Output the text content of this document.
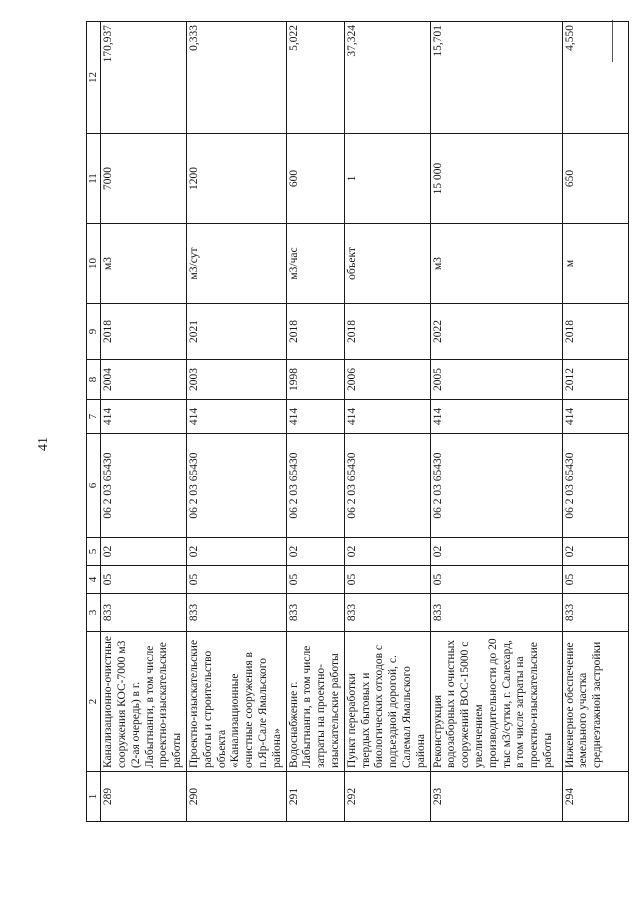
41
1	2	3	4	5	6	7	8	9	10	11	12
289	Канализационно-очистные сооружения КОС-7000 м3 (2-ая очередь) в г. Лабытнанги, в том числе проектно-изыскательские работы	833	05	02	06 2 03 65430	414	2004	2018	м3	7000	170,937
290	Проектно-изыскательские работы и строительство объекта «Канализационные очистные сооружения в п.Яр-Сале Ямальского района»	833	05	02	06 2 03 65430	414	2003	2021	м3/сут	1200	0,333
291	Водоснабжение г. Лабытнанги, в том числе затраты на проектно-изыскательские работы	833	05	02	06 2 03 65430	414	1998	2018	м3/час	600	5,022
292	Пункт переработки твердых бытовых и биологических отходов с подъездной дорогой, с. Салемал Ямальского района	833	05	02	06 2 03 65430	414	2006	2018	объект	1	37,324
293	Реконструкция водозаборных и очистных сооружений ВОС-15000 с увеличением производительности до 20 тыс м3/сутки, г. Салехард, в том числе затраты на проектно-изыскательские работы	833	05	02	06 2 03 65430	414	2005	2022	м3	15 000	15,701
294	Инженерное обеспечение земельного участка среднеэтажной застройки	833	05	02	06 2 03 65430	414	2012	2018	м	650	4,550
